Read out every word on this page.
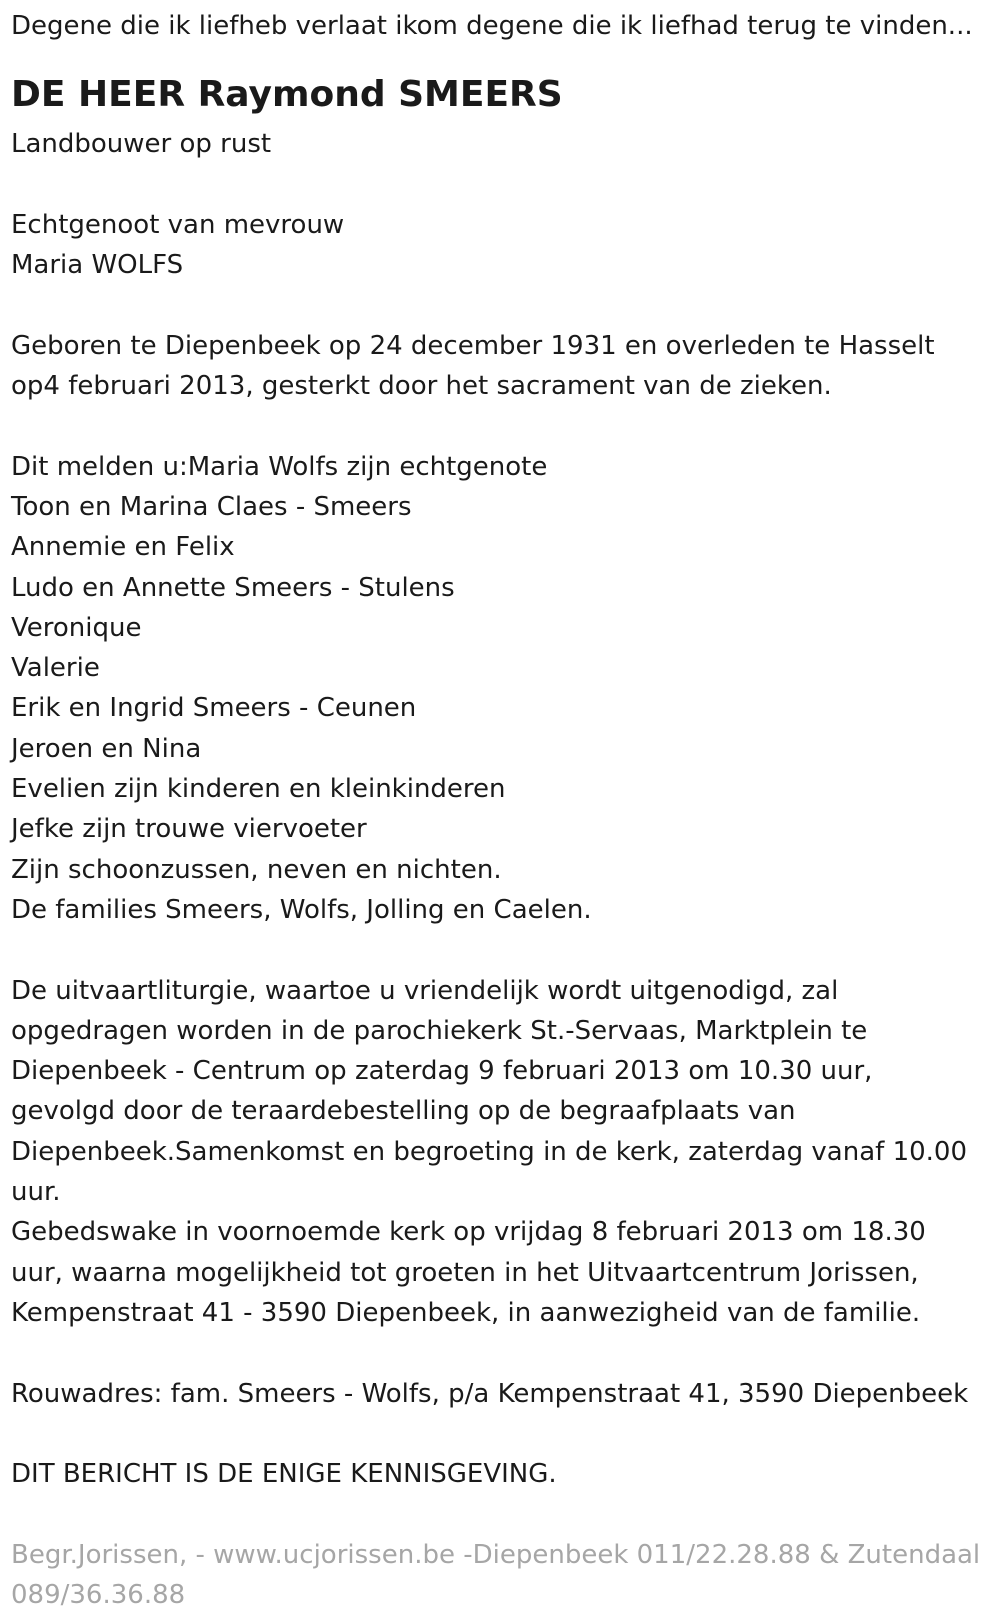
Degene die ik liefheb verlaat ikom degene die ik liefhad terug te vinden...
DE HEER Raymond SMEERS
Landbouwer op rust
Echtgenoot van mevrouw
Maria WOLFS
Geboren te Diepenbeek op 24 december 1931 en overleden te Hasselt
op4 februari 2013, gesterkt door het sacrament van de zieken.
Dit melden u:Maria Wolfs zijn echtgenote
Toon en Marina Claes - Smeers
Annemie en Felix
Ludo en Annette Smeers - Stulens
Veronique
Valerie
Erik en Ingrid Smeers - Ceunen
Jeroen en Nina
Evelien zijn kinderen en kleinkinderen
Jefke zijn trouwe viervoeter
Zijn schoonzussen, neven en nichten.
De families Smeers, Wolfs, Jolling en Caelen.
De uitvaartliturgie, waartoe u vriendelijk wordt uitgenodigd, zal
opgedragen worden in de parochiekerk St.-Servaas, Marktplein te
Diepenbeek - Centrum op zaterdag 9 februari 2013 om 10.30 uur,
gevolgd door de teraardebestelling op de begraafplaats van
Diepenbeek.Samenkomst en begroeting in de kerk, zaterdag vanaf 10.00
uur.
Gebedswake in voornoemde kerk op vrijdag 8 februari 2013 om 18.30
uur, waarna mogelijkheid tot groeten in het Uitvaartcentrum Jorissen,
Kempenstraat 41 - 3590 Diepenbeek, in aanwezigheid van de familie.
Rouwadres: fam. Smeers - Wolfs, p/a Kempenstraat 41, 3590 Diepenbeek
DIT BERICHT IS DE ENIGE KENNISGEVING.
Begr.Jorissen, - www.ucjorissen.be -Diepenbeek 011/22.28.88 & Zutendaal
089/36.36.88
